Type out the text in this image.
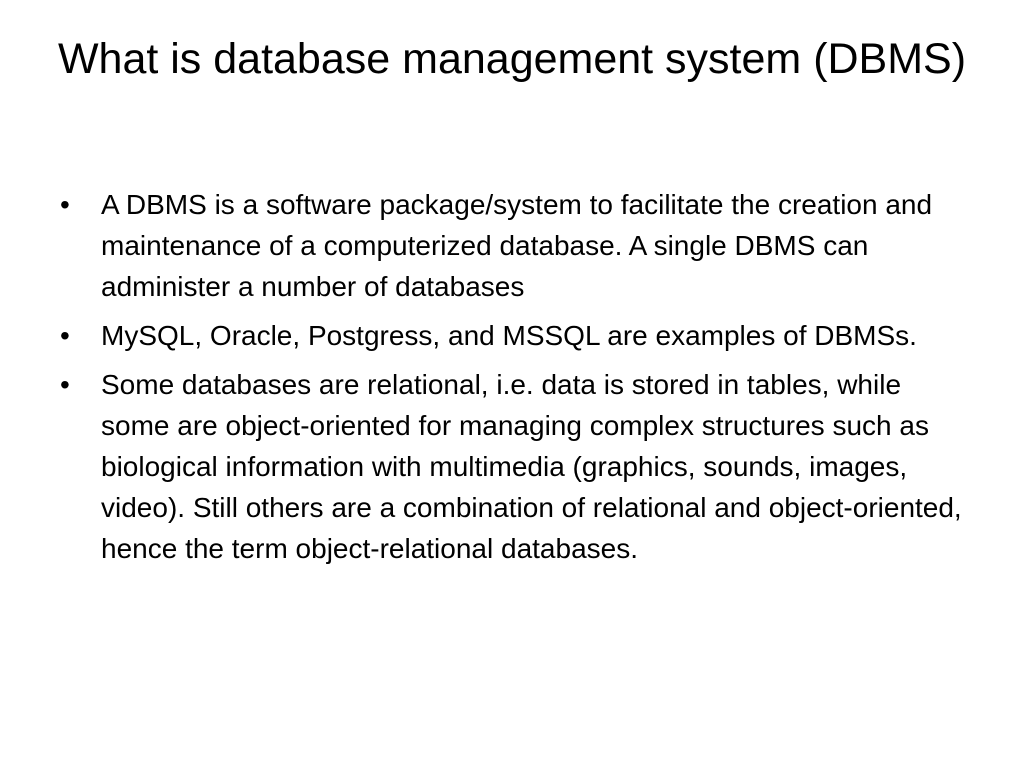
What is database management system (DBMS)
•	A DBMS is a software package/system to facilitate the creation and maintenance of a computerized database. A single DBMS can administer a number of databases
•	MySQL, Oracle, Postgress, and MSSQL are examples of DBMSs.
•	Some databases are relational, i.e. data is stored in tables, while some are object-oriented for managing complex structures such as biological information with multimedia (graphics, sounds, images, video). Still others are a combination of relational and object-oriented, hence the term object-relational databases.
